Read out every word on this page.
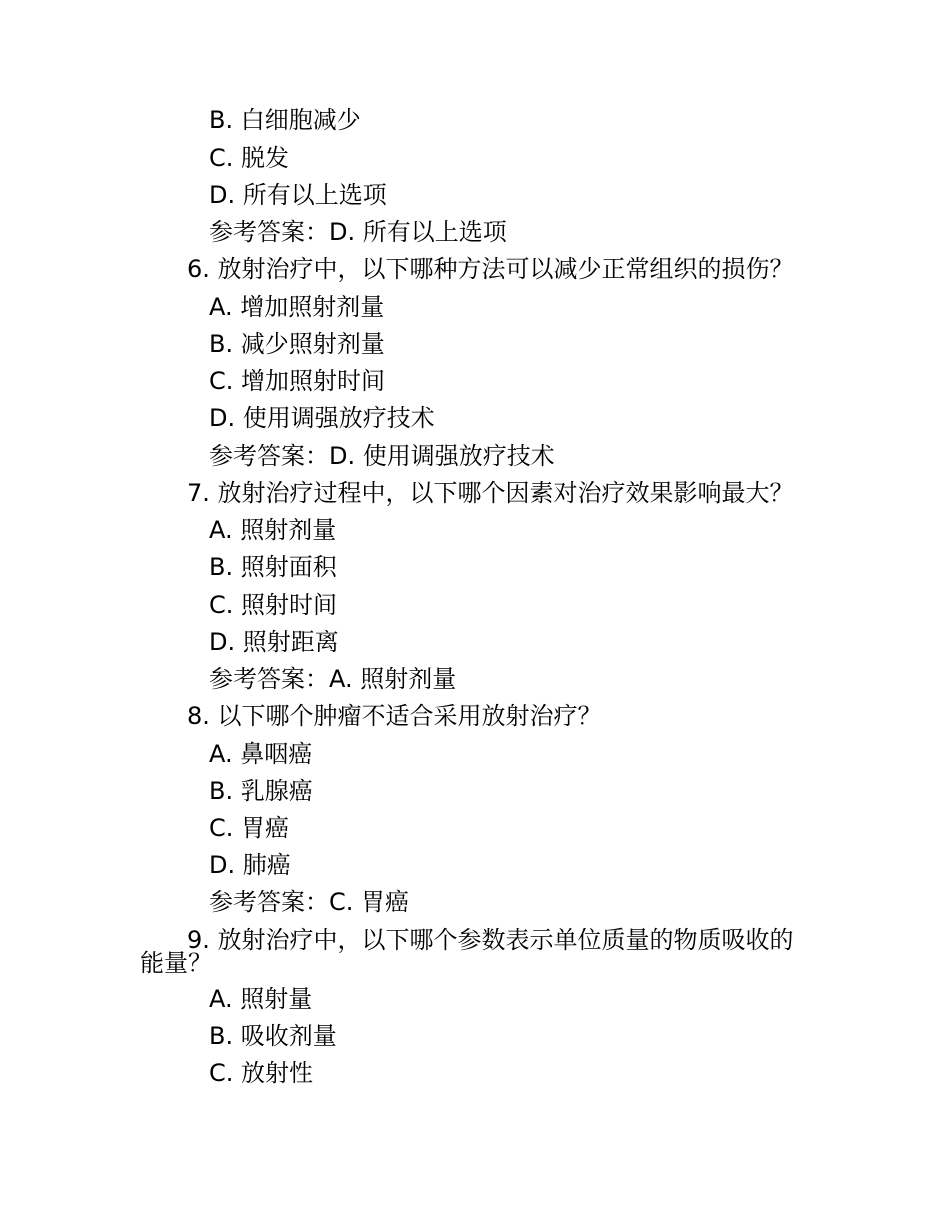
B. 白细胞减少
C. 脱发
D. 所有以上选项
参考答案：D. 所有以上选项
6. 放射治疗中，以下哪种方法可以减少正常组织的损伤？
A. 增加照射剂量
B. 减少照射剂量
C. 增加照射时间
D. 使用调强放疗技术
参考答案：D. 使用调强放疗技术
7. 放射治疗过程中，以下哪个因素对治疗效果影响最大？
A. 照射剂量
B. 照射面积
C. 照射时间
D. 照射距离
参考答案：A. 照射剂量
8. 以下哪个肿瘤不适合采用放射治疗？
A. 鼻咽癌
B. 乳腺癌
C. 胃癌
D. 肺癌
参考答案：C. 胃癌
9. 放射治疗中，以下哪个参数表示单位质量的物质吸收的
能量？
A. 照射量
B. 吸收剂量
C. 放射性
